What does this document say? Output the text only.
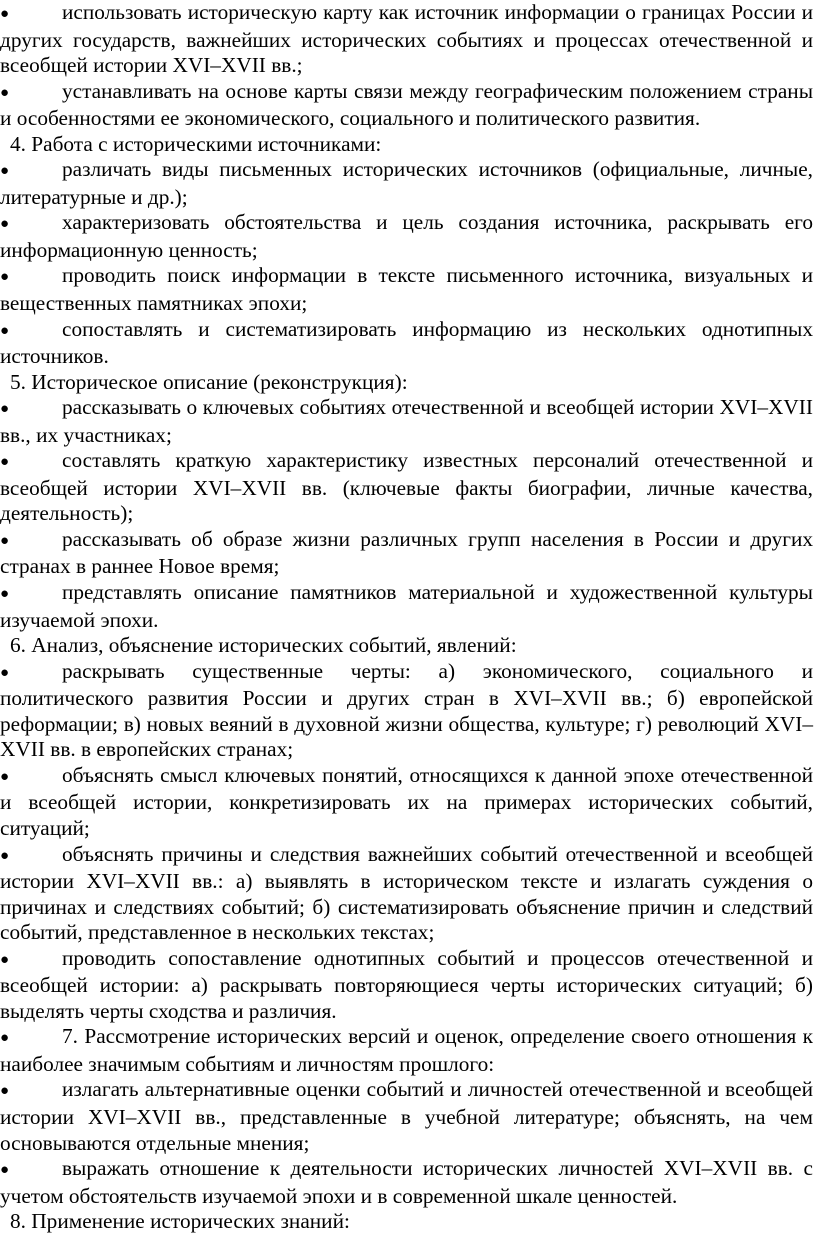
● использовать историческую карту как источник информации о границах России и других государств, важнейших исторических событиях и процессах отечественной и всеобщей истории XVI–XVII вв.;

● устанавливать на основе карты связи между географическим положением страны и особенностями ее экономического, социального и политического развития.

4. Работа с историческими источниками:

● различать виды письменных исторических источников (официальные, личные, литературные и др.);

● характеризовать обстоятельства и цель создания источника, раскрывать его информационную ценность;

● проводить поиск информации в тексте письменного источника, визуальных и вещественных памятниках эпохи;

● сопоставлять и систематизировать информацию из нескольких однотипных источников.

5. Историческое описание (реконструкция):

● рассказывать о ключевых событиях отечественной и всеобщей истории XVI–XVII вв., их участниках;

● составлять краткую характеристику известных персоналий отечественной и всеобщей истории XVI–XVII вв. (ключевые факты биографии, личные качества, деятельность);

● рассказывать об образе жизни различных групп населения в России и других странах в раннее Новое время;

● представлять описание памятников материальной и художественной культуры изучаемой эпохи.

6. Анализ, объяснение исторических событий, явлений:

● раскрывать существенные черты: а) экономического, социального и политического развития России и других стран в XVI–XVII вв.; б) европейской реформации; в) новых веяний в духовной жизни общества, культуре; г) революций XVI–XVII вв. в европейских странах;

● объяснять смысл ключевых понятий, относящихся к данной эпохе отечественной и всеобщей истории, конкретизировать их на примерах исторических событий, ситуаций;

● объяснять причины и следствия важнейших событий отечественной и всеобщей истории XVI–XVII вв.: а) выявлять в историческом тексте и излагать суждения о причинах и следствиях событий; б) систематизировать объяснение причин и следствий событий, представленное в нескольких текстах;

● проводить сопоставление однотипных событий и процессов отечественной и всеобщей истории: а) раскрывать повторяющиеся черты исторических ситуаций; б) выделять черты сходства и различия.

● 7. Рассмотрение исторических версий и оценок, определение своего отношения к наиболее значимым событиям и личностям прошлого:

● излагать альтернативные оценки событий и личностей отечественной и всеобщей истории XVI–XVII вв., представленные в учебной литературе; объяснять, на чем основываются отдельные мнения;

● выражать отношение к деятельности исторических личностей XVI–XVII вв. с учетом обстоятельств изучаемой эпохи и в современной шкале ценностей.

8. Применение исторических знаний:
